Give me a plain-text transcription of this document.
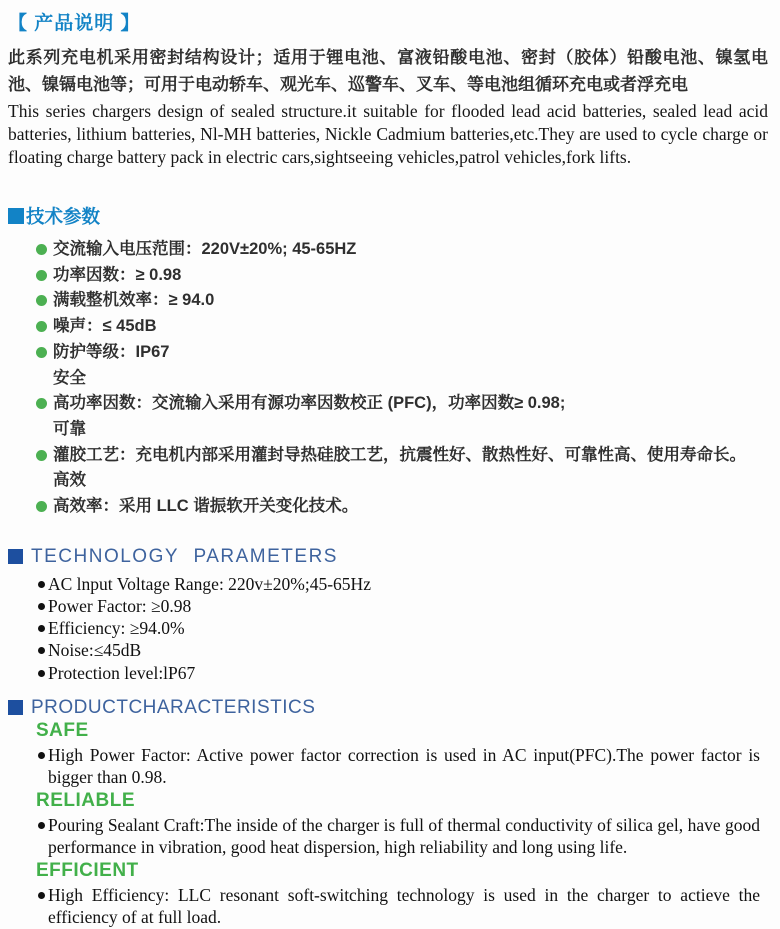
【 产品说明 】

此系列充电机采用密封结构设计；适用于锂电池、富液铅酸电池、密封（胶体）铅酸电池、镍氢电池、镍镉电池等；可用于电动轿车、观光车、巡警车、叉车、等电池组循环充电或者浮充电

This series chargers design of sealed structure.it suitable for flooded lead acid batteries, sealed lead acid batteries, lithium batteries, Nl-MH batteries, Nickle Cadmium batteries,etc.They are used to cycle charge or floating charge battery pack in electric cars,sightseeing vehicles,patrol vehicles,fork lifts.

技术参数
交流输入电压范围：220V±20%; 45-65HZ
功率因数：≥ 0.98
满载整机效率：≥ 94.0
噪声：≤ 45dB
防护等级：IP67
安全
高功率因数：交流输入采用有源功率因数校正 (PFC)，功率因数≥ 0.98;
可靠
灌胶工艺：充电机内部采用灌封导热硅胶工艺，抗震性好、散热性好、可靠性高、使用寿命长。
高效
高效率：采用 LLC 谐振软开关变化技术。
TECHNOLOGY PARAMETERS
AC lnput Voltage Range: 220v±20%;45-65Hz
Power Factor: ≥0.98
Efficiency: ≥94.0%
Noise:≤45dB
Protection level:lP67
PRODUCTCHARACTERISTICS
SAFE

High Power Factor: Active power factor correction is used in AC input(PFC).The power factor is bigger than 0.98.

RELIABLE

Pouring Sealant Craft:The inside of the charger is full of thermal conductivity of silica gel, have good performance in vibration, good heat dispersion, high reliability and long using life.

EFFICIENT

High Efficiency: LLC resonant soft-switching technology is used in the charger to actieve the efficiency of at full load.
